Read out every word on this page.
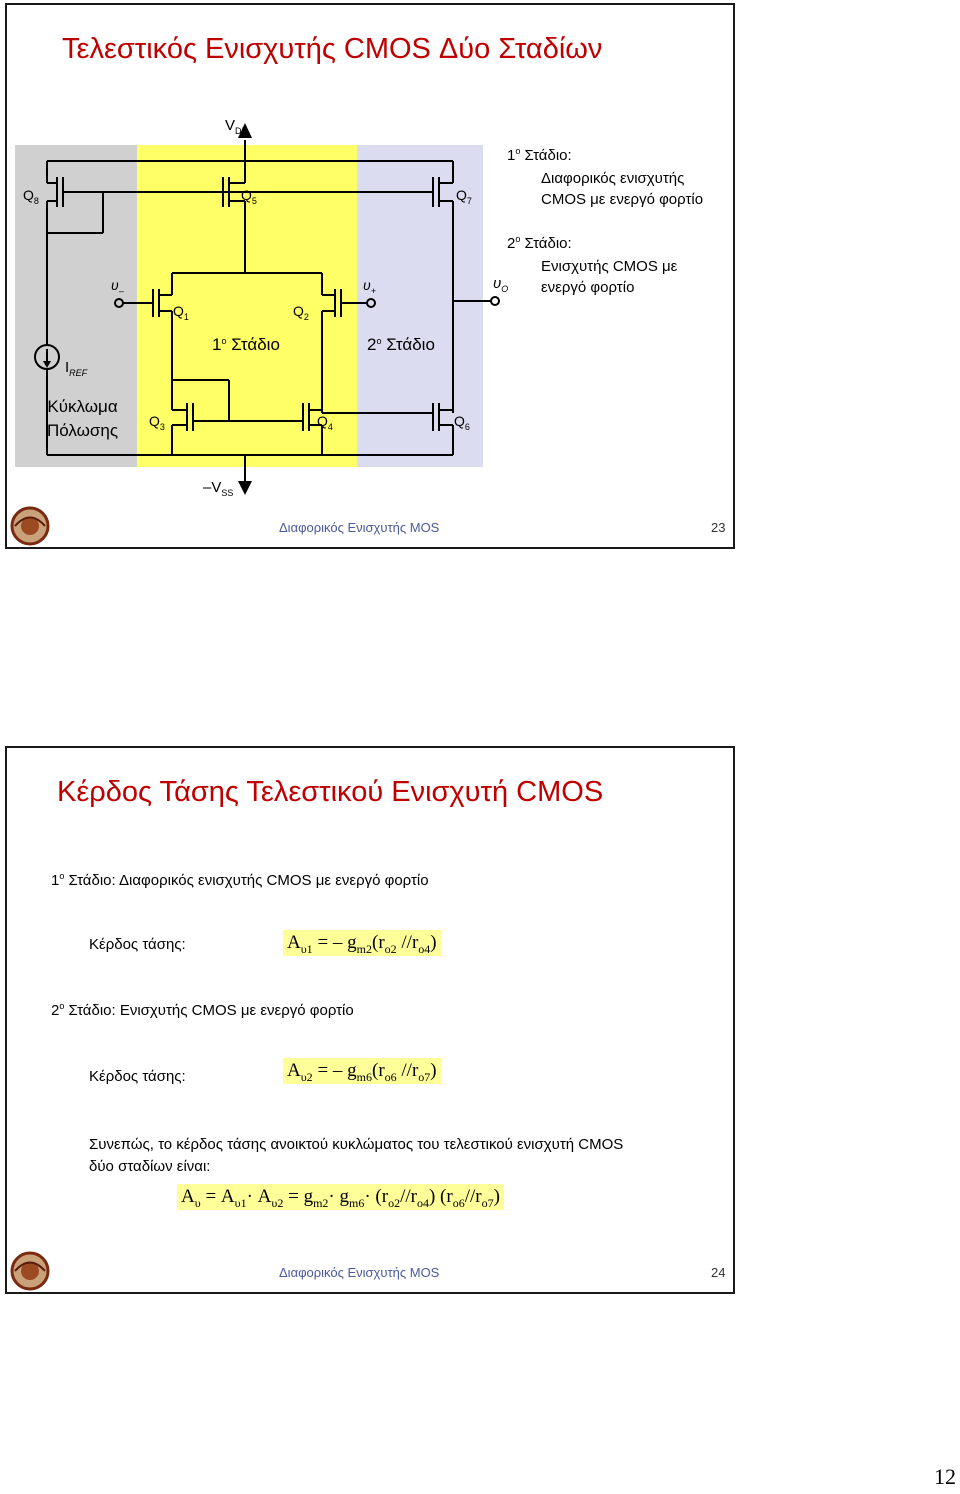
Τελεστικός Ενισχυτής CMOS Δύο Σταδίων
$V_{DD}$
$-V_{SS}$
$Q_8$	$Q_5$	$Q_7$
$Q_1$	$Q_2$
$Q_3$	$Q_4$	$Q_6$
$\upsilon_-$	$\upsilon_+$	$\upsilon_O$
$I_{REF}$
$1^o$ Στάδιο	$2^o$ Στάδιο
Κύκλωμα
Πόλωσης
$1^o$ Στάδιο:
Διαφορικός ενισχυτής
CMOS με ενεργό φορτίο
$2^o$ Στάδιο:
Ενισχυτής CMOS με
ενεργό φορτίο
Διαφορικός Ενισχυτής MOS	23
Κέρδος Τάσης Τελεστικού Ενισχυτή CMOS
$1^o$ Στάδιο: Διαφορικός ενισχυτής CMOS με ενεργό φορτίο
Κέρδος τάσης:	$A_{\upsilon 1}$ = – $g_{m2}(r_{o2}$ $//r_{o4}$)
$2^o$ Στάδιο: Ενισχυτής CMOS με ενεργό φορτίο
Κέρδος τάσης:	$A_{\upsilon 2}$ = – $g_{m6}(r_{o6}$ $//r_{o7}$)
Συνεπώς, το κέρδος τάσης ανοικτού κυκλώματος του τελεστικού ενισχυτή CMOS
δύο σταδίων είναι:
$A_\upsilon = A_{\upsilon 1}\cdot A_{\upsilon 2} = g_{m2}\cdot g_{m6}\cdot (r_{o2}//r_{o4})$ $(r_{o6}//r_{o7})$
Διαφορικός Ενισχυτής MOS	24
12
